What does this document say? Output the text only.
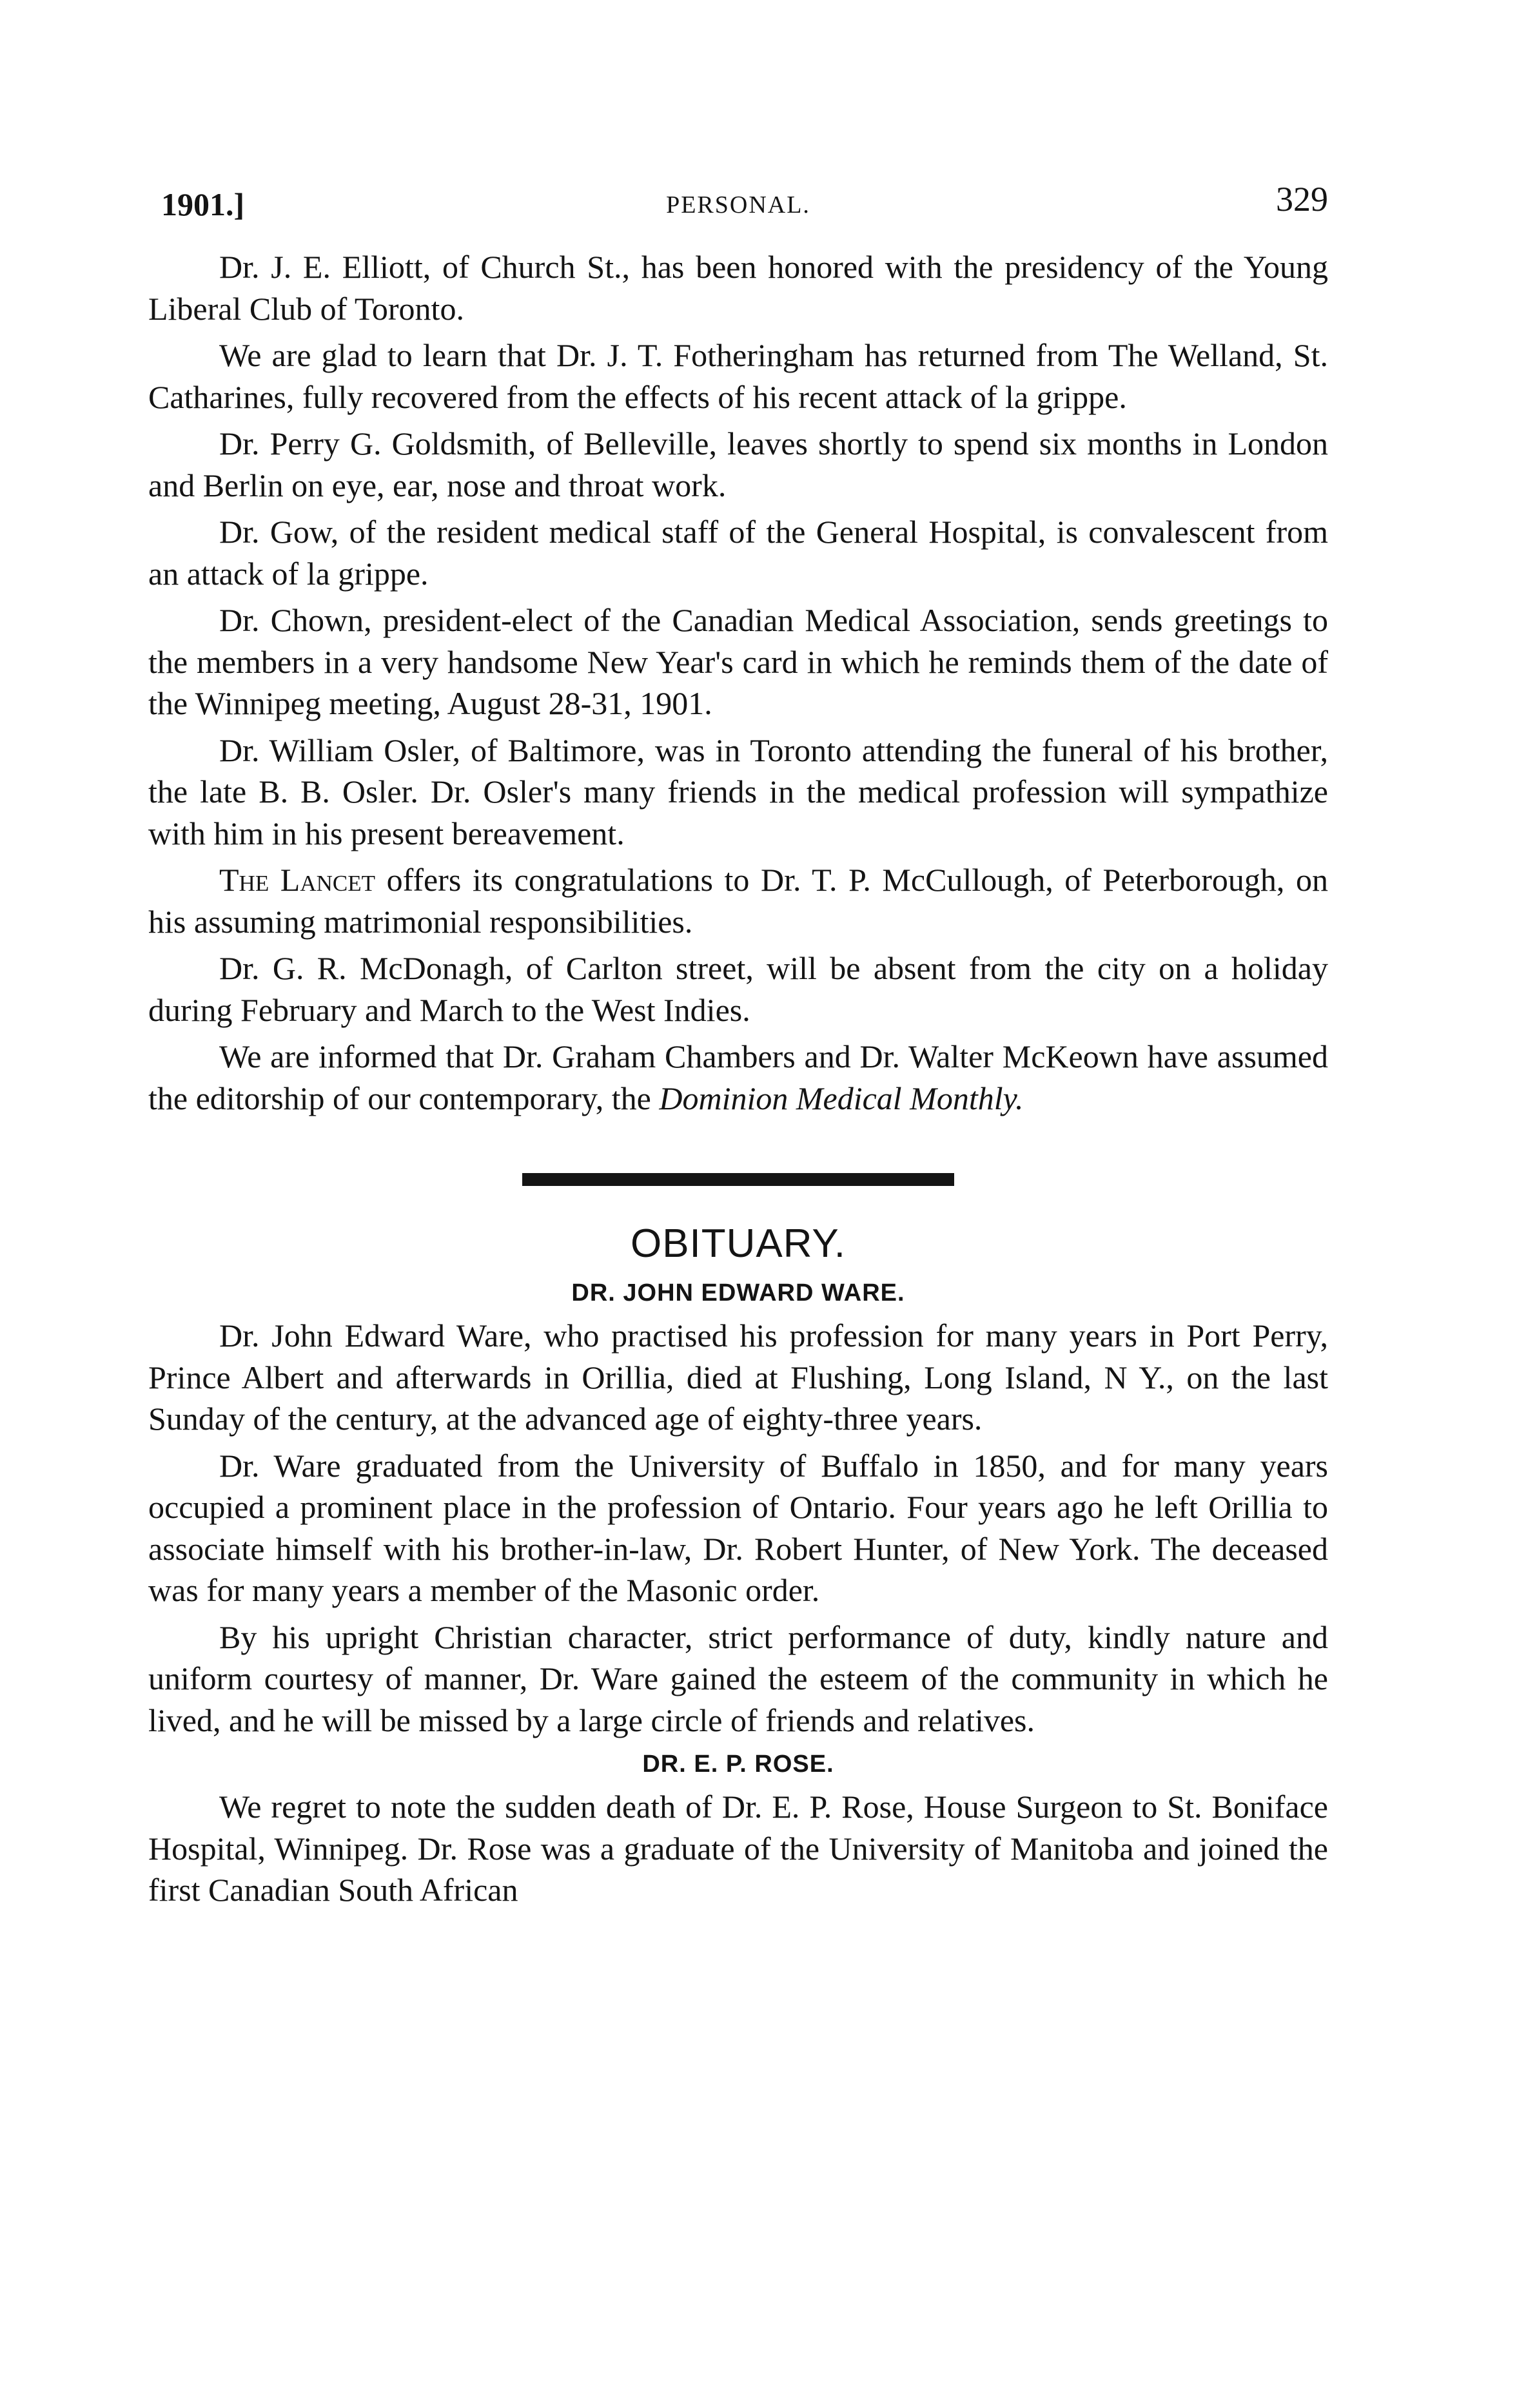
1901.]	PERSONAL.	329

Dr. J. E. Elliott, of Church St., has been honored with the presidency of the Young Liberal Club of Toronto.

We are glad to learn that Dr. J. T. Fotheringham has returned from The Welland, St. Catharines, fully recovered from the effects of his recent attack of la grippe.

Dr. Perry G. Goldsmith, of Belleville, leaves shortly to spend six months in London and Berlin on eye, ear, nose and throat work.

Dr. Gow, of the resident medical staff of the General Hospital, is convalescent from an attack of la grippe.

Dr. Chown, president-elect of the Canadian Medical Association, sends greetings to the members in a very handsome New Year's card in which he reminds them of the date of the Winnipeg meeting, August 28-31, 1901.

Dr. William Osler, of Baltimore, was in Toronto attending the funeral of his brother, the late B. B. Osler. Dr. Osler's many friends in the medical profession will sympathize with him in his present bereavement.

The Lancet offers its congratulations to Dr. T. P. McCullough, of Peterborough, on his assuming matrimonial responsibilities.

Dr. G. R. McDonagh, of Carlton street, will be absent from the city on a holiday during February and March to the West Indies.

We are informed that Dr. Graham Chambers and Dr. Walter McKeown have assumed the editorship of our contemporary, the Dominion Medical Monthly.

OBITUARY.
DR. JOHN EDWARD WARE.

Dr. John Edward Ware, who practised his profession for many years in Port Perry, Prince Albert and afterwards in Orillia, died at Flushing, Long Island, N Y., on the last Sunday of the century, at the advanced age of eighty-three years.

Dr. Ware graduated from the University of Buffalo in 1850, and for many years occupied a prominent place in the profession of Ontario. Four years ago he left Orillia to associate himself with his brother-in-law, Dr. Robert Hunter, of New York. The deceased was for many years a member of the Masonic order.

By his upright Christian character, strict performance of duty, kindly nature and uniform courtesy of manner, Dr. Ware gained the esteem of the community in which he lived, and he will be missed by a large circle of friends and relatives.

DR. E. P. ROSE.

We regret to note the sudden death of Dr. E. P. Rose, House Surgeon to St. Boniface Hospital, Winnipeg. Dr. Rose was a graduate of the University of Manitoba and joined the first Canadian South African
